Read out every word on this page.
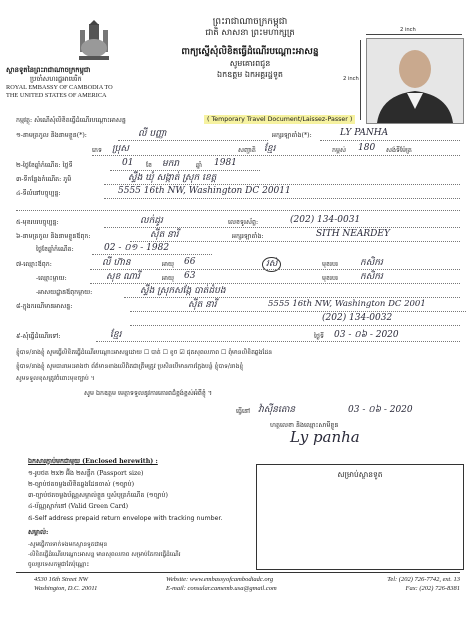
ព្រះរាជាណាចក្រកម្ពុជា
ជាតិ សាសនា ព្រះមហាក្សត្រ
ពាក្យស្នើសុំលិខិតធ្វើដំណើរបណ្ដោះអាសន្ន
សូមគោរពជូន
ឯកឧត្ដម ឯកអគ្គរដ្ឋទូត
ស្ថានទូតនៃព្រះរាជាណាចក្រកម្ពុជា
ប្រចាំសហរដ្ឋអាមេរិក
ROYAL EMBASSY OF CAMBODIA TO
THE UNITED STATES OF AMERICA
2 inch
2 inch
កម្មវត្ថុ: សំណើសុំលិខិតធ្វើដំណើរបណ្ដោះអាសន្ន	( Temporary Travel Document/Laissez-Passer )
១-នាមត្រកូល និងនាមខ្លួន(*):	លី បញ្ញា	អក្សរឡាតាំង(*):	LY PANHA
ភេទ ប្រុស	សញ្ជាតិ ខ្មែរ	កម្ពស់ 180 សង់ទីម៉ែត្រ
២-ថ្ងៃខែឆ្នាំកំណើត: ថ្ងៃទី	01 ខែ មករា	ឆ្នាំ 1981
៣-ទីកន្លែងកំណើត: ភូមិ	ស្ទឹង ឃុំ សង្កាត់ ស្រុក ខេត្ត
៤-ទីលំនៅបច្ចុប្បន្ន:	5555 16th NW, Washington DC 20011
៥-មុខរបរបច្ចុប្បន្ន:	លក់ដូរ	លេខទូរស័ព្ទ:	(202) 134-0031
៦-នាមត្រកូល និងនាមខ្លួនឪពុក:	ស៊ីត នារី	អក្សរឡាតាំង:	SITH NEARDEY
ថ្ងៃខែឆ្នាំកំណើត:	02 - ០១ - 1982
៧-ឈ្មោះឪពុក:	លី ហ៊ាន	អាយុ 66	រស់	មុខរបរ កសិករ
-ឈ្មោះម្ដាយ:	សុខ ណារី	អាយុ 63	មុខរបរ កសិករ
-អាសយដ្ឋានឪពុកម្ដាយ:	ស្ទឹង ស្រុកសង្កែ បាត់ដំបង
៨-ក្នុងករណីមានអាសន្ន:	ស៊ីត នារី	5555 16th NW, Washington DC 2001
(202) 134-0032
៩-សុំធ្វើដំណើរទៅ:	ខ្មែរ	ថ្ងៃទី 03 - ០៦ - 2020
ខ្ញុំបាទ/នាងខ្ញុំ សូមធ្វើលិខិតធ្វើដំណើរបណ្ដោះអាសន្នដោយ ☐ បាត់ ☐ ខូច ☑ ផុតសុពលភាព ☐ ពុំមានលិខិតឆ្លងដែន
ខ្ញុំបាទ/នាងខ្ញុំ សូមធានាអះអាងថា ព័ត៌មានខាងលើពិតជាត្រឹមត្រូវ ប្រសិនបើមានការក្លែងបន្លំ ខ្ញុំបាទ/នាងខ្ញុំ
សូមទទួលខុសត្រូវចំពោះមុខច្បាប់ ។
សូម ឯកឧត្ដម មេត្តាទទួលនូវការគោរពដ៏ខ្ពង់ខ្ពស់អំពីខ្ញុំ ។
ធ្វើនៅ វ៉ាស៊ីនតោន	03 - ០៦ - 2020
ហត្ថលេខា និងឈ្មោះសាមីខ្លួន
Ly panha
ឯកសារភ្ជាប់មកជាមួយ (Enclosed herewith) :
១-រូបថត ២x២ អ៊ីង ២សន្លឹក (Passport size)
២-ច្បាប់ថតចម្លងលិខិតឆ្លងដែនចាស់ (១ច្បាប់)
៣-ច្បាប់ថតចម្លងប័ណ្ណសម្គាល់ខ្លួន ឬសំបុត្រកំណើត (១ច្បាប់)
៤-ប័ណ្ណស្នាក់នៅ (Valid Green Card)
៥-Self address prepaid return envelope with tracking number.
សម្គាល់:
-សូមធ្វើការទាក់ទងមកស្ថានទូតជាមុន
-លិខិតធ្វើដំណើរបណ្ដោះអាសន្ន មានសុពលភាព សម្រាប់តែការធ្វើដំណើរ
ចូលប្រទេសកម្ពុជាតែប៉ុណ្ណោះ
សម្រាប់ស្ថានទូត
4530 16th Street NW
Washington, D.C. 20011
Website: www.embassyofcambodiadc.org
E-mail: consular.camemb.usa@gmail.com
Tel: (202) 726-7742, ext. 13
Fax: (202) 726-8381
